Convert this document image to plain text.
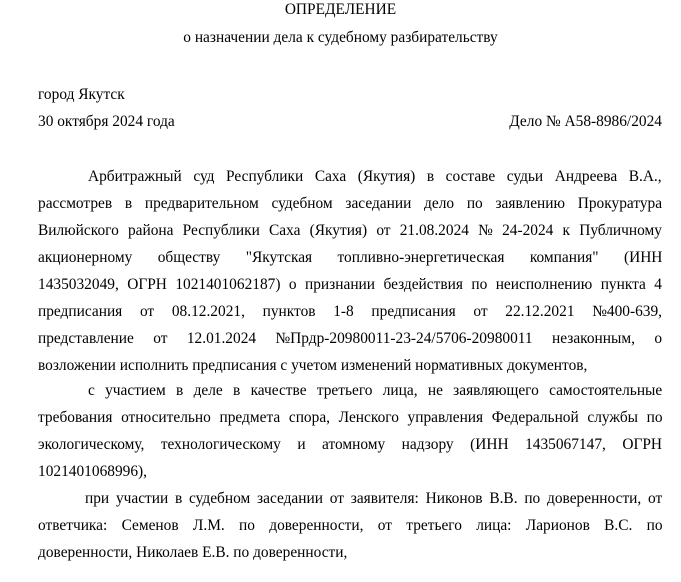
ОПРЕДЕЛЕНИЕ
о назначении дела к судебному разбирательству
город Якутск
30 октября 2024 года	Дело № А58-8986/2024
Арбитражный суд Республики Саха (Якутия) в составе судьи Андреева В.А.,
рассмотрев в предварительном судебном заседании дело по заявлению Прокуратура
Вилюйского района Республики Саха (Якутия) от 21.08.2024 № 24-2024 к Публичному
акционерному обществу "Якутская топливно-энергетическая компания" (ИНН
1435032049, ОГРН 1021401062187) о признании бездействия по неисполнению пункта 4
предписания от 08.12.2021, пунктов 1-8 предписания от 22.12.2021 №400-639,
представление от 12.01.2024 №Прдр-20980011-23-24/5706-20980011 незаконным, о
возложении исполнить предписания с учетом изменений нормативных документов,
с участием в деле в качестве третьего лица, не заявляющего самостоятельные
требования относительно предмета спора, Ленского управления Федеральной службы по
экологическому, технологическому и атомному надзору (ИНН 1435067147, ОГРН
1021401068996),
при участии в судебном заседании от заявителя: Никонов В.В. по доверенности, от
ответчика: Семенов Л.М. по доверенности, от третьего лица: Ларионов В.С. по
доверенности, Николаев Е.В. по доверенности,
